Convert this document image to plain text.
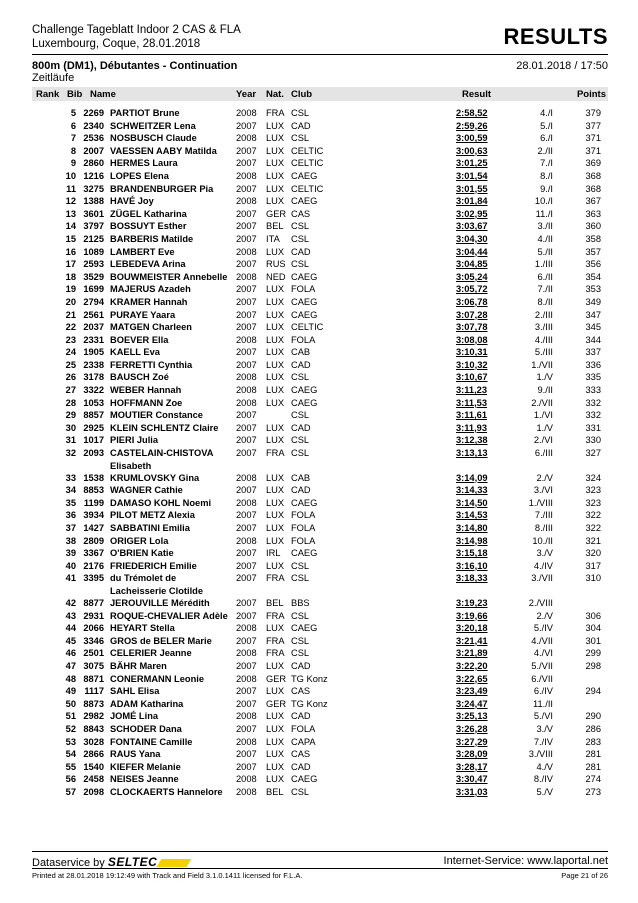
Challenge Tageblatt Indoor 2 CAS & FLA
Luxembourg, Coque, 28.01.2018	RESULTS
800m (DM1), Débutantes - Continuation	28.01.2018 / 17:50
Zeitläufe
Rank Bib Name	Year Nat. Club	Result	Points
5 2269 PARTIOT Brune	2008 FRA CSL	2:58,52	4./I	379
6 2340 SCHWEITZER Lena	2007 LUX CAD	2:59,26	5./I	377
7 2536 NOSBUSCH Claude	2008 LUX CSL	3:00,59	6./I	371
8 2007 VAESSEN AABY Matilda	2007 LUX CELTIC	3:00,63	2./II	371
9 2860 HERMES Laura	2007 LUX CELTIC	3:01,25	7./I	369
10 1216 LOPES Elena	2008 LUX CAEG	3:01,54	8./I	368
11 3275 BRANDENBURGER Pia	2007 LUX CELTIC	3:01,55	9./I	368
12 1388 HAVÉ Joy	2008 LUX CAEG	3:01,84	10./I	367
13 3601 ZÜGEL Katharina	2007 GER CAS	3:02,95	11./I	363
14 3797 BOSSUYT Esther	2007 BEL CSL	3:03,67	3./II	360
15 2125 BARBERIS Matilde	2007 ITA CSL	3:04,30	4./II	358
16 1089 LAMBERT Eve	2008 LUX CAD	3:04,44	5./II	357
17 2593 LEBEDEVA Arina	2007 RUS CSL	3:04,85	1./III	356
18 3529 BOUWMEISTER Annebelle 2008 NED CAEG	3:05,24	6./II	354
19 1699 MAJERUS Azadeh	2007 LUX FOLA	3:05,72	7./II	353
20 2794 KRAMER Hannah	2007 LUX CAEG	3:06,78	8./II	349
21 2561 PURAYE Yaara	2007 LUX CAEG	3:07,28	2./III	347
22 2037 MATGEN Charleen	2007 LUX CELTIC	3:07,78	3./III	345
23 2331 BOEVER Ella	2008 LUX FOLA	3:08,08	4./III	344
24 1905 KAELL Eva	2007 LUX CAB	3:10,31	5./III	337
25 2338 FERRETTI Cynthia	2007 LUX CAD	3:10,32	1./VII	336
26 3178 BAUSCH Zoé	2008 LUX CSL	3:10,67	1./V	335
27 3322 WEBER Hannah	2008 LUX CAEG	3:11,23	9./II	333
28 1053 HOFFMANN Zoe	2008 LUX CAEG	3:11,53	2./VII	332
29 8857 MOUTIER Constance	2007	CSL	3:11,61	1./VI	332
30 2925 KLEIN SCHLENTZ Claire	2007 LUX CAD	3:11,93	1./V	331
31 1017 PIERI Julia	2007 LUX CSL	3:12,38	2./VI	330
32 2093 CASTELAIN-CHISTOVA Elisabeth
2007 FRA CSL	3:13,13	6./III	327
33 1538 KRUMLOVSKY Gina	2008 LUX CAB	3:14,09	2./V	324
34 8853 WAGNER Cathie	2007 LUX CAD	3:14,33	3./VI	323
35 1199 DAMASO KOHL Noemi	2008 LUX CAEG	3:14,50	1./VIII	323
36 3934 PILOT METZ Alexia	2007 LUX FOLA	3:14,53	7./III	322
37 1427 SABBATINI Emilia	2007 LUX FOLA	3:14,80	8./III	322
38 2809 ORIGER Lola	2008 LUX FOLA	3:14,98	10./II	321
39 3367 O'BRIEN Katie	2007 IRL CAEG	3:15,18	3./V	320
40 2176 FRIEDERICH Emilie	2007 LUX CSL	3:16,10	4./IV	317
41 3395 du Trémolet de Lacheisserie Clotilde
2007 FRA CSL	3:18,33	3./VII	310
42 8877 JEROUVILLE Mérédith	2007 BEL BBS	3:19,23	2./VIII
43 2931 ROQUE-CHEVALIER Adèle 2007 FRA CSL	3:19,66	2./V	306
44 2066 HEYART Stella	2008 LUX CAEG	3:20,18	5./IV	304
45 3346 GROS de BELER Marie	2007 FRA CSL	3:21,41	4./VII	301
46 2501 CELERIER Jeanne	2008 FRA CSL	3:21,89	4./VI	299
47 3075 BÄHR Maren	2007 LUX CAD	3:22,20	5./VII	298
48 8871 CONERMANN Leonie	2008 GER TG Konz	3:22,65	6./VII
49 1117 SAHL Elisa	2007 LUX CAS	3:23,49	6./IV	294
50 8873 ADAM Katharina	2007 GER TG Konz	3:24,47	11./II
51 2982 JOMÉ Lina	2008 LUX CAD	3:25,13	5./VI	290
52 8843 SCHODER Dana	2007 LUX FOLA	3:26,28	3./V	286
53 3028 FONTAINE Camille	2008 LUX CAPA	3:27,29	7./IV	283
54 2866 RAUS Yana	2007 LUX CAS	3:28,09	3./VIII	281
55 1540 KIEFER Melanie	2007 LUX CAD	3:28,17	4./V	281
56 2458 NEISES Jeanne	2008 LUX CAEG	3:30,47	8./IV	274
57 2098 CLOCKAERTS Hannelore	2008 BEL CSL	3:31,03	5./V	273
Dataservice by SELTEC	Internet-Service: www.laportal.net
Printed at 28.01.2018 19:12:49 with Track and Field 3.1.0.1411 licensed for F.L.A.	Page 21 of 26
